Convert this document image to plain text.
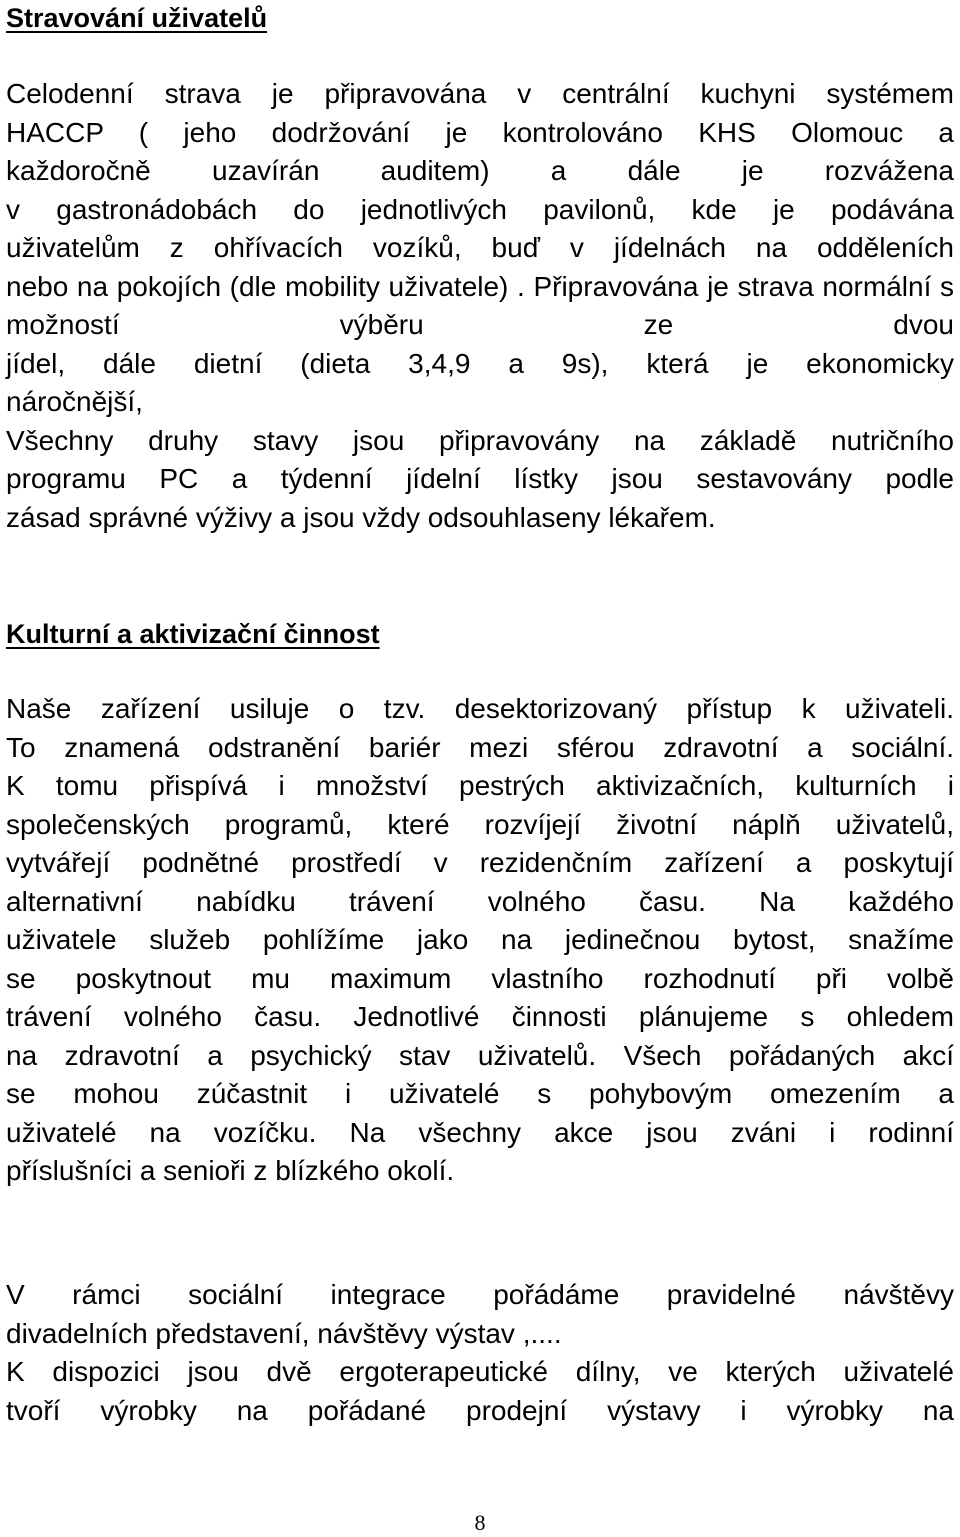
Stravování uživatelů

Celodenní strava je připravována v centrální kuchyni systémem
HACCP ( jeho dodržování je kontrolováno KHS Olomouc a
každoročně uzavírán auditem) a dále je rozvážena
v gastronádobách do jednotlivých pavilonů, kde je podávána
uživatelům z ohřívacích vozíků, buď v jídelnách na odděleních
nebo na pokojích (dle mobility uživatele) . Připravována je strava normální s možností výběru ze dvou
jídel, dále dietní (dieta 3,4,9 a 9s), která je ekonomicky
náročnější,
Všechny druhy stavy jsou připravovány na základě nutričního
programu PC a týdenní jídelní lístky jsou sestavovány podle
zásad správné výživy a jsou vždy odsouhlaseny lékařem.

Kulturní a aktivizační činnost

Naše zařízení usiluje o tzv. desektorizovaný přístup k uživateli.
To znamená odstranění bariér mezi sférou zdravotní a sociální.
K tomu přispívá i množství pestrých aktivizačních, kulturních i
společenských programů, které rozvíjejí životní náplň uživatelů,
vytvářejí podnětné prostředí v rezidenčním zařízení a poskytují
alternativní nabídku trávení volného času. Na každého
uživatele služeb pohlížíme jako na jedinečnou bytost, snažíme
se poskytnout mu maximum vlastního rozhodnutí při volbě
trávení volného času. Jednotlivé činnosti plánujeme s ohledem
na zdravotní a psychický stav uživatelů. Všech pořádaných akcí
se mohou zúčastnit i uživatelé s pohybovým omezením a
uživatelé na vozíčku. Na všechny akce jsou zváni i rodinní
příslušníci a senioři z blízkého okolí.

V rámci sociální integrace pořádáme pravidelné návštěvy
divadelních představení, návštěvy výstav ,....
K dispozici jsou dvě ergoterapeutické dílny, ve kterých uživatelé
tvoří výrobky na pořádané prodejní výstavy i výrobky na

8
